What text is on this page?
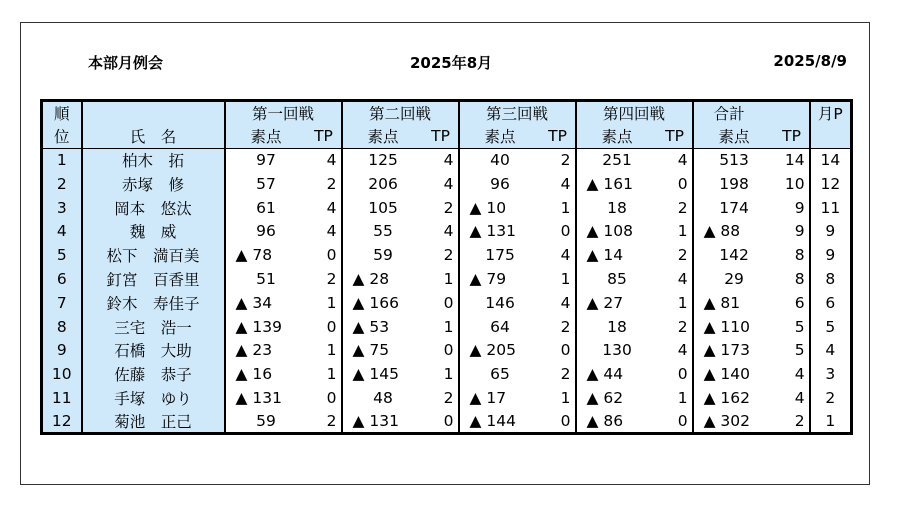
本部月例会	2025年8月	2025/8/9
順		第一回戦		第二回戦		第三回戦		第四回戦		合計		月P
位	氏　名	素点	TP	素点	TP	素点	TP	素点	TP	素点	TP	
1	柏木　拓	97	4	125	4	40	2	251	4	513	14	14
2	赤塚　修	57	2	206	4	96	4	▲ 161	0	198	10	12
3	岡本　悠汰	61	4	105	2	▲ 10	1	18	2	174	9	11
4	魏　威	96	4	55	4	▲ 131	0	▲ 108	1	▲ 88	9	9
5	松下　満百美	▲ 78	0	59	2	175	4	▲ 14	2	142	8	9
6	釘宮　百香里	51	2	▲ 28	1	▲ 79	1	85	4	29	8	8
7	鈴木　寿佳子	▲ 34	1	▲ 166	0	146	4	▲ 27	1	▲ 81	6	6
8	三宅　浩一	▲ 139	0	▲ 53	1	64	2	18	2	▲ 110	5	5
9	石橋　大助	▲ 23	1	▲ 75	0	▲ 205	0	130	4	▲ 173	5	4
10	佐藤　恭子	▲ 16	1	▲ 145	1	65	2	▲ 44	0	▲ 140	4	3
11	手塚　ゆり	▲ 131	0	48	2	▲ 17	1	▲ 62	1	▲ 162	4	2
12	菊池　正己	59	2	▲ 131	0	▲ 144	0	▲ 86	0	▲ 302	2	1
